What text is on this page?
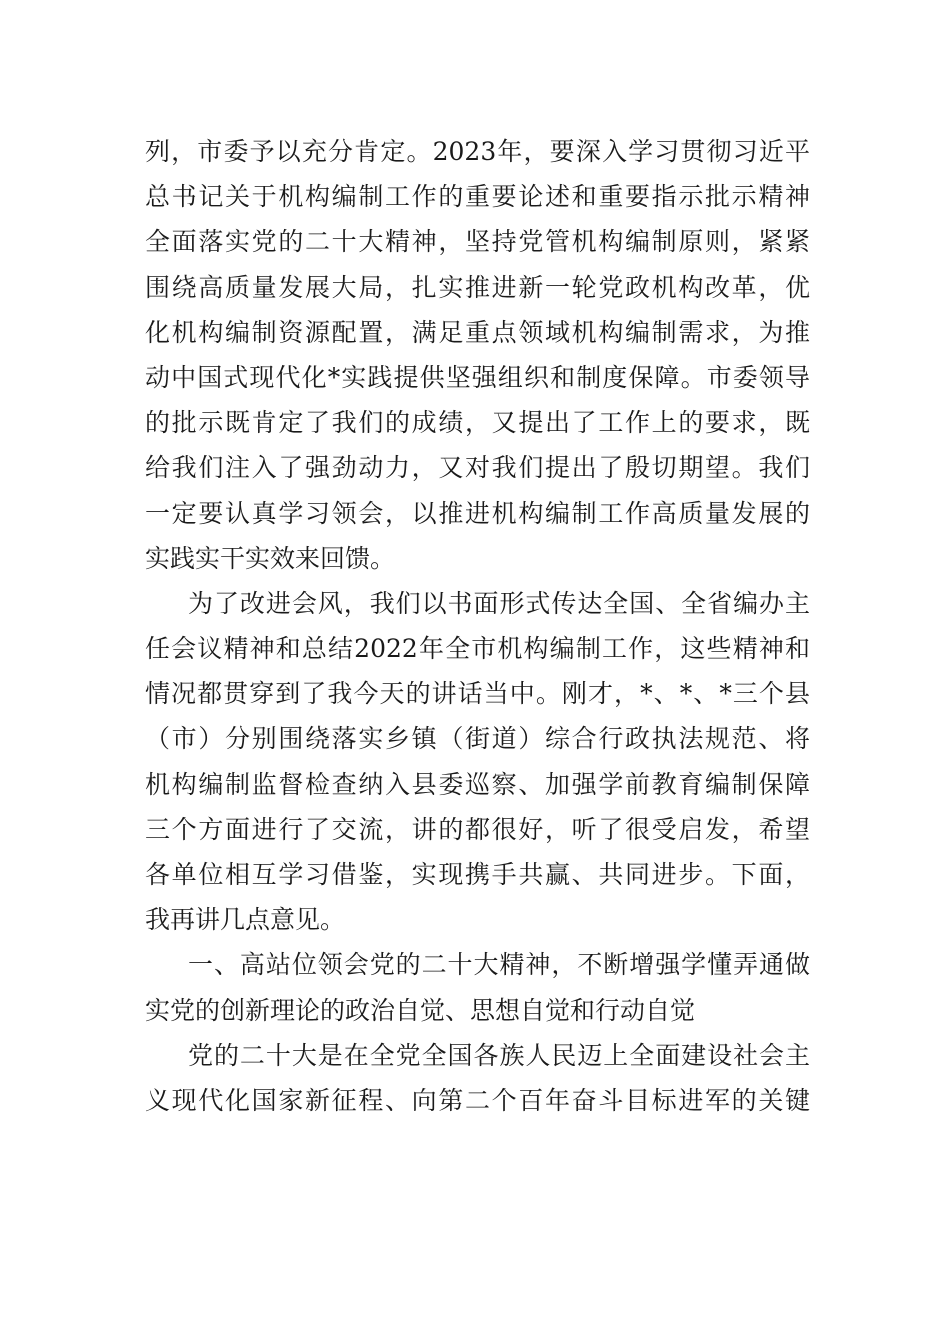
列，市委予以充分肯定。2023年，要深入学习贯彻习近平
总书记关于机构编制工作的重要论述和重要指示批示精神
全面落实党的二十大精神，坚持党管机构编制原则，紧紧
围绕高质量发展大局，扎实推进新一轮党政机构改革，优
化机构编制资源配置，满足重点领域机构编制需求，为推
动中国式现代化*实践提供坚强组织和制度保障。市委领导
的批示既肯定了我们的成绩，又提出了工作上的要求，既
给我们注入了强劲动力，又对我们提出了殷切期望。我们
一定要认真学习领会，以推进机构编制工作高质量发展的
实践实干实效来回馈。
为了改进会风，我们以书面形式传达全国、全省编办主
任会议精神和总结2022年全市机构编制工作，这些精神和
情况都贯穿到了我今天的讲话当中。刚才，*、*、*三个县
（市）分别围绕落实乡镇（街道）综合行政执法规范、将
机构编制监督检查纳入县委巡察、加强学前教育编制保障
三个方面进行了交流，讲的都很好，听了很受启发，希望
各单位相互学习借鉴，实现携手共赢、共同进步。下面，
我再讲几点意见。
一、高站位领会党的二十大精神，不断增强学懂弄通做
实党的创新理论的政治自觉、思想自觉和行动自觉
党的二十大是在全党全国各族人民迈上全面建设社会主
义现代化国家新征程、向第二个百年奋斗目标进军的关键
